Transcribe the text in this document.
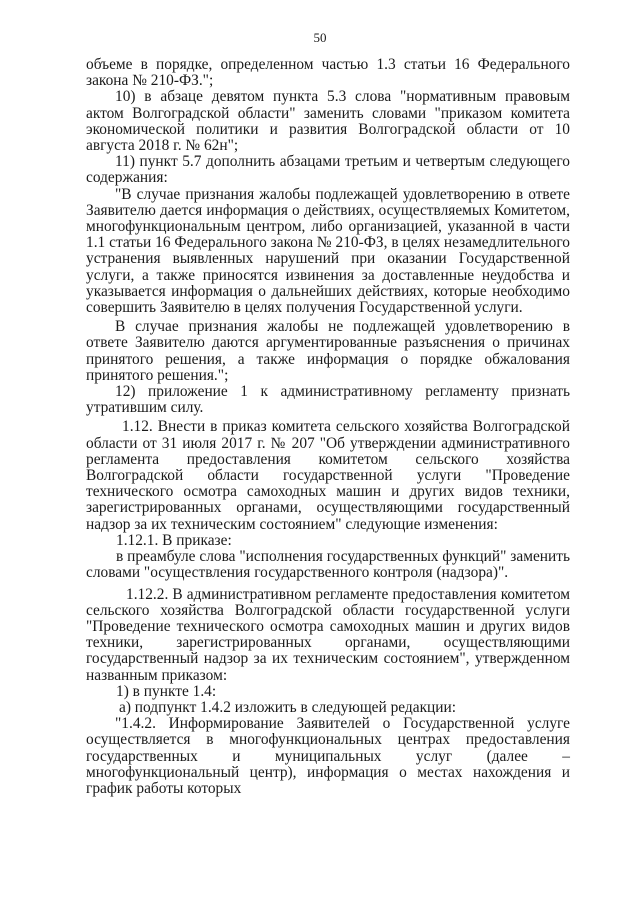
50

объеме в порядке, определенном частью 1.3 статьи 16 Федерального закона № 210-ФЗ.";

10) в абзаце девятом пункта 5.3 слова "нормативным правовым актом Волгоградской области" заменить словами "приказом комитета экономической политики и развития Волгоградской области от 10 августа 2018 г. № 62н";

11) пункт 5.7 дополнить абзацами третьим и четвертым следующего содержания:

"В случае признания жалобы подлежащей удовлетворению в ответе Заявителю дается информация о действиях, осуществляемых Комитетом, многофункциональным центром, либо организацией, указанной в части 1.1 статьи 16 Федерального закона № 210-ФЗ, в целях незамедлительного устранения выявленных нарушений при оказании Государственной услуги, а также приносятся извинения за доставленные неудобства и указывается информация о дальнейших действиях, которые необходимо совершить Заявителю в целях получения Государственной услуги.

В случае признания жалобы не подлежащей удовлетворению в ответе Заявителю даются аргументированные разъяснения о причинах принятого решения, а также информация о порядке обжалования принятого решения.";

12) приложение 1 к административному регламенту признать утратившим силу.

1.12. Внести в приказ комитета сельского хозяйства Волгоградской области от 31 июля 2017 г. № 207 "Об утверждении административного регламента предоставления комитетом сельского хозяйства Волгоградской области государственной услуги "Проведение технического осмотра самоходных машин и других видов техники, зарегистрированных органами, осуществляющими государственный надзор за их техническим состоянием" следующие изменения:

1.12.1. В приказе:

в преамбуле слова "исполнения государственных функций" заменить словами "осуществления государственного контроля (надзора)".

1.12.2. В административном регламенте предоставления комитетом сельского хозяйства Волгоградской области государственной услуги "Проведение технического осмотра самоходных машин и других видов техники, зарегистрированных органами, осуществляющими государственный надзор за их техническим состоянием", утвержденном названным приказом:

1) в пункте 1.4:

а) подпункт 1.4.2 изложить в следующей редакции:

"1.4.2. Информирование Заявителей о Государственной услуге осуществляется в многофункциональных центрах предоставления государственных и муниципальных услуг (далее – многофункциональный центр), информация о местах нахождения и график работы которых
